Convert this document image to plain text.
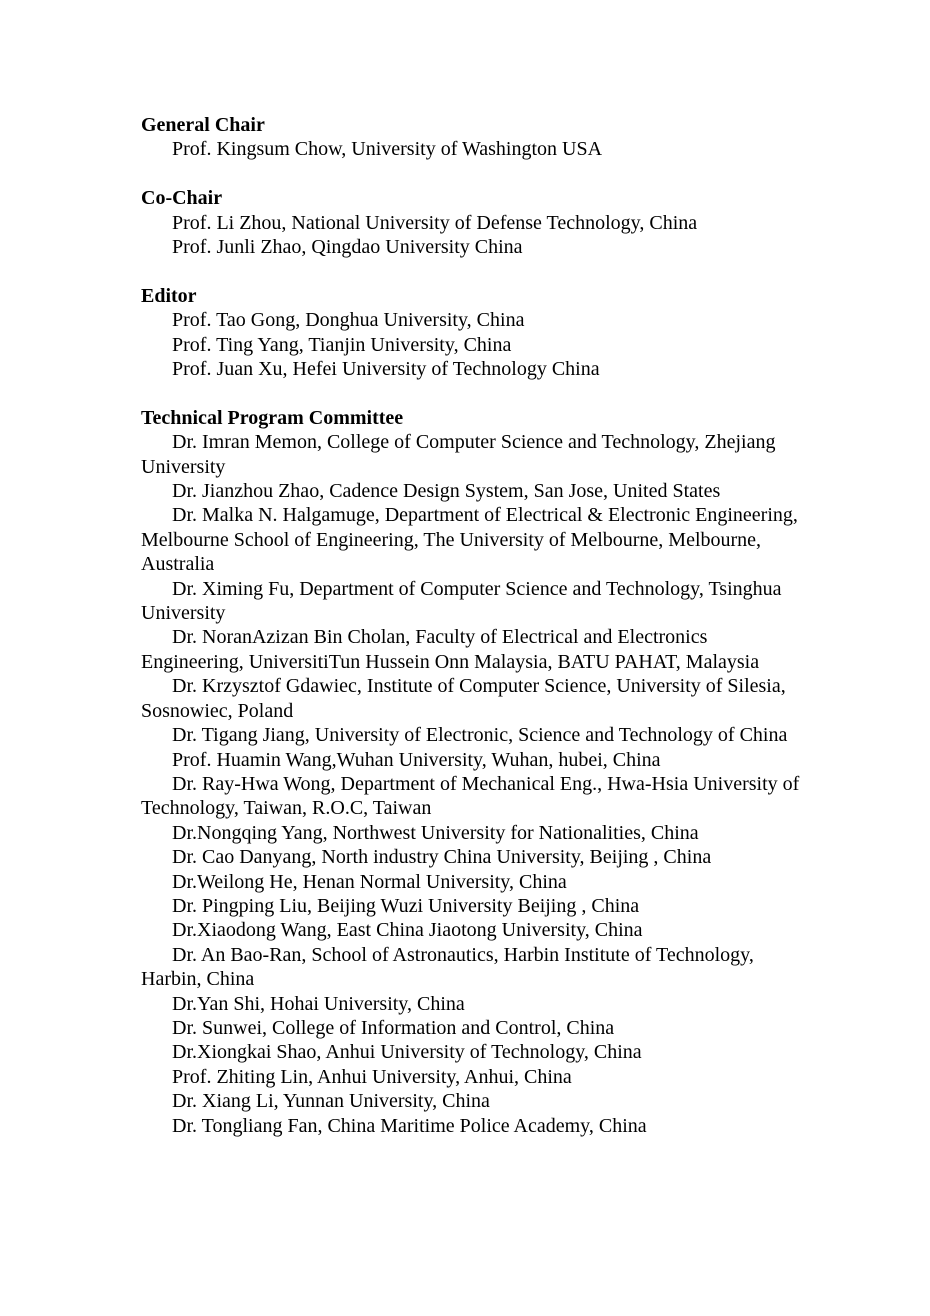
General Chair

Prof. Kingsum Chow, University of Washington USA

Co-Chair

Prof. Li Zhou, National University of Defense Technology, China

Prof. Junli Zhao, Qingdao University China

Editor

Prof. Tao Gong, Donghua University, China

Prof. Ting Yang, Tianjin University, China

Prof. Juan Xu, Hefei University of Technology China

Technical Program Committee

Dr. Imran Memon, College of Computer Science and Technology, Zhejiang University

Dr. Jianzhou Zhao, Cadence Design System, San Jose, United States

Dr. Malka N. Halgamuge, Department of Electrical & Electronic Engineering, Melbourne School of Engineering, The University of Melbourne, Melbourne, Australia

Dr. Ximing Fu, Department of Computer Science and Technology, Tsinghua University

Dr. NoranAzizan Bin Cholan, Faculty of Electrical and Electronics Engineering, UniversitiTun Hussein Onn Malaysia, BATU PAHAT, Malaysia

Dr. Krzysztof Gdawiec, Institute of Computer Science, University of Silesia, Sosnowiec, Poland

Dr. Tigang Jiang, University of Electronic, Science and Technology of China

Prof. Huamin Wang,Wuhan University, Wuhan, hubei, China

Dr. Ray-Hwa Wong, Department of Mechanical Eng., Hwa-Hsia University of Technology, Taiwan, R.O.C, Taiwan

Dr.Nongqing Yang, Northwest University for Nationalities, China

Dr. Cao Danyang, North industry China University, Beijing , China

Dr.Weilong He, Henan Normal University, China

Dr. Pingping Liu, Beijing Wuzi University Beijing , China

Dr.Xiaodong Wang, East China Jiaotong University, China

Dr. An Bao-Ran, School of Astronautics, Harbin Institute of Technology, Harbin, China

Dr.Yan Shi, Hohai University, China

Dr. Sunwei, College of Information and Control, China

Dr.Xiongkai Shao, Anhui University of Technology, China

Prof. Zhiting Lin, Anhui University, Anhui, China

Dr. Xiang Li, Yunnan University, China

Dr. Tongliang Fan, China Maritime Police Academy, China
